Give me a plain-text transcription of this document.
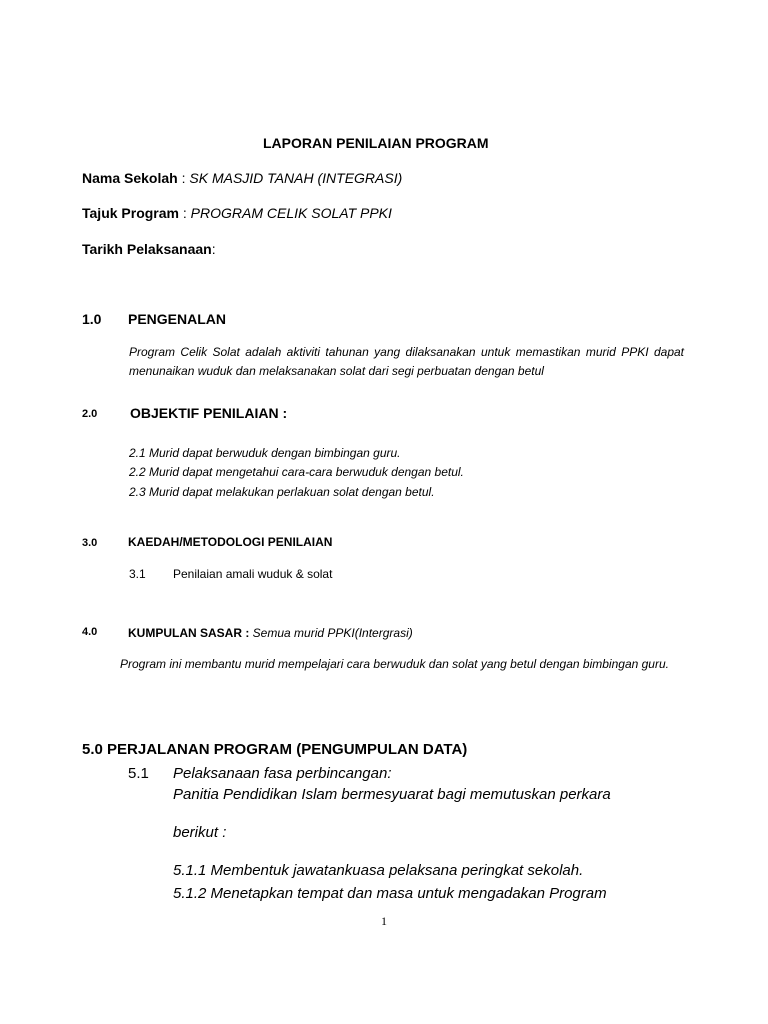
LAPORAN PENILAIAN PROGRAM
Nama Sekolah : SK MASJID TANAH (INTEGRASI)
Tajuk Program : PROGRAM CELIK SOLAT PPKI
Tarikh Pelaksanaan:
1.0 PENGENALAN
Program Celik Solat adalah aktiviti tahunan yang dilaksanakan untuk memastikan murid PPKI dapat menunaikan wuduk dan melaksanakan solat dari segi perbuatan dengan betul
2.0 OBJEKTIF PENILAIAN :
2.1 Murid dapat berwuduk dengan bimbingan guru.
2.2 Murid dapat mengetahui cara-cara berwuduk dengan betul.
2.3 Murid dapat melakukan perlakuan solat dengan betul.
3.0	KAEDAH/METODOLOGI PENILAIAN
3.1 Penilaian amali wuduk & solat
4.0	KUMPULAN SASAR : Semua murid PPKI(Intergrasi)
Program ini membantu murid mempelajari cara berwuduk dan solat yang betul dengan bimbingan guru.
5.0 PERJALANAN PROGRAM (PENGUMPULAN DATA)
5.1 Pelaksanaan fasa perbincangan:
Panitia Pendidikan Islam bermesyuarat bagi memutuskan perkara
berikut :
5.1.1 Membentuk jawatankuasa pelaksana peringkat sekolah.
5.1.2 Menetapkan tempat dan masa untuk mengadakan Program
1
